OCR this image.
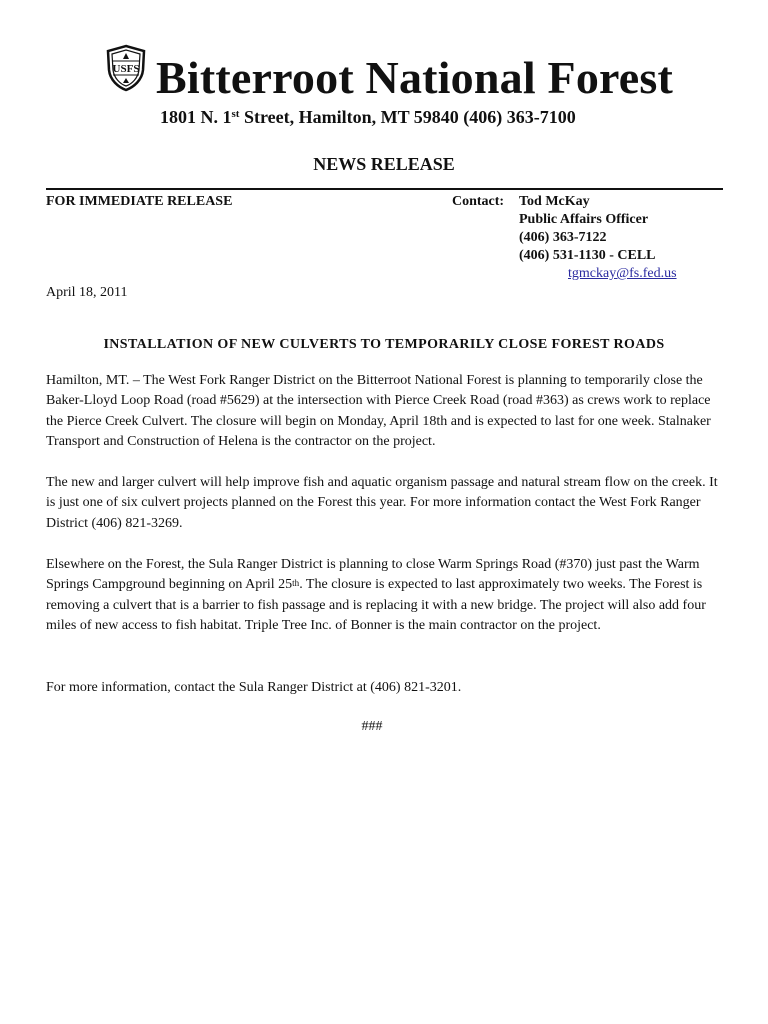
USFS Bitterroot National Forest
1801 N. 1st Street, Hamilton, MT 59840 (406) 363-7100
NEWS RELEASE
FOR IMMEDIATE RELEASE	Contact: Tod McKay
Public Affairs Officer
(406) 363-7122
(406) 531-1130 - CELL
tgmckay@fs.fed.us
April 18, 2011
INSTALLATION OF NEW CULVERTS TO TEMPORARILY CLOSE FOREST ROADS

Hamilton, MT. – The West Fork Ranger District on the Bitterroot National Forest is planning to temporarily close the Baker-Lloyd Loop Road (road #5629) at the intersection with Pierce Creek Road (road #363) as crews work to replace the Pierce Creek Culvert. The closure will begin on Monday, April 18th and is expected to last for one week. Stalnaker Transport and Construction of Helena is the contractor on the project.

The new and larger culvert will help improve fish and aquatic organism passage and natural stream flow on the creek. It is just one of six culvert projects planned on the Forest this year. For more information contact the West Fork Ranger District (406) 821-3269.

Elsewhere on the Forest, the Sula Ranger District is planning to close Warm Springs Road (#370) just past the Warm Springs Campground beginning on April 25th. The closure is expected to last approximately two weeks. The Forest is removing a culvert that is a barrier to fish passage and is replacing it with a new bridge. The project will also add four miles of new access to fish habitat. Triple Tree Inc. of Bonner is the main contractor on the project.

For more information, contact the Sula Ranger District at (406) 821-3201.

###
